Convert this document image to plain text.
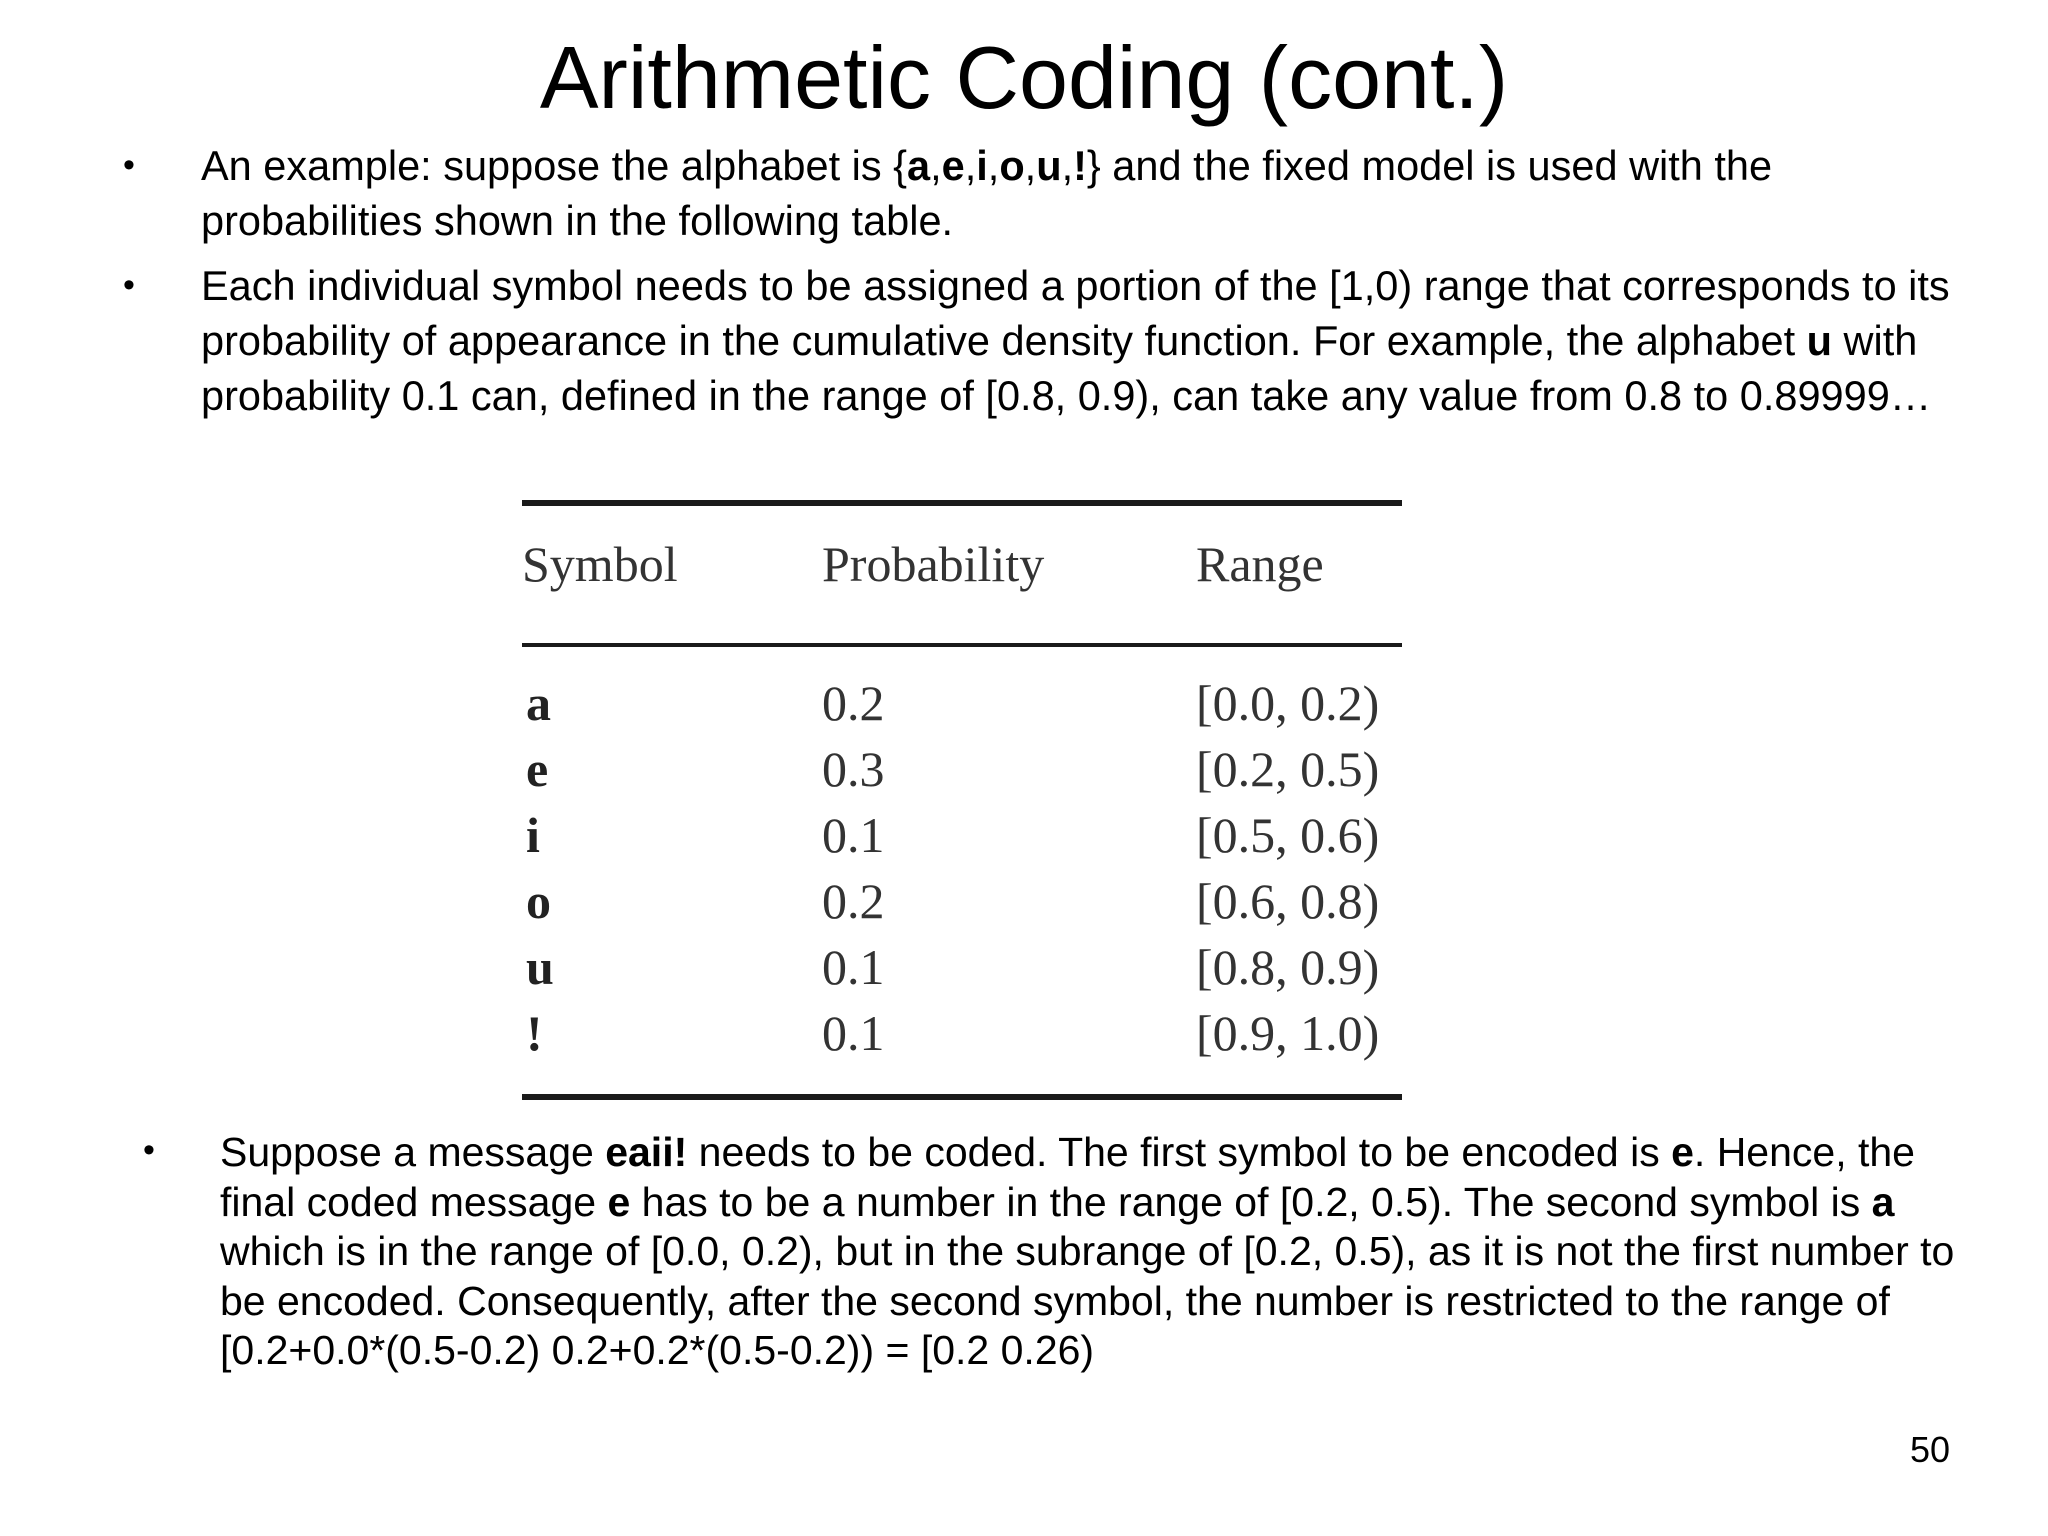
Arithmetic Coding (cont.)
• An example: suppose the alphabet is {a,e,i,o,u,!} and the fixed model is used with the probabilities shown in the following table.
• Each individual symbol needs to be assigned a portion of the [1,0) range that corresponds to its probability of appearance in the cumulative density function. For example, the alphabet u with probability 0.1 can, defined in the range of [0.8, 0.9), can take any value from 0.8 to 0.89999…
Symbol	Probability	Range
a	0.2	[0.0, 0.2)
e	0.3	[0.2, 0.5)
i	0.1	[0.5, 0.6)
o	0.2	[0.6, 0.8)
u	0.1	[0.8, 0.9)
!	0.1	[0.9, 1.0)
• Suppose a message eaii! needs to be coded. The first symbol to be encoded is e. Hence, the final coded message e has to be a number in the range of [0.2, 0.5). The second symbol is a which is in the range of [0.0, 0.2), but in the subrange of [0.2, 0.5), as it is not the first number to be encoded. Consequently, after the second symbol, the number is restricted to the range of [0.2+0.0*(0.5-0.2) 0.2+0.2*(0.5-0.2)) = [0.2 0.26)
50
